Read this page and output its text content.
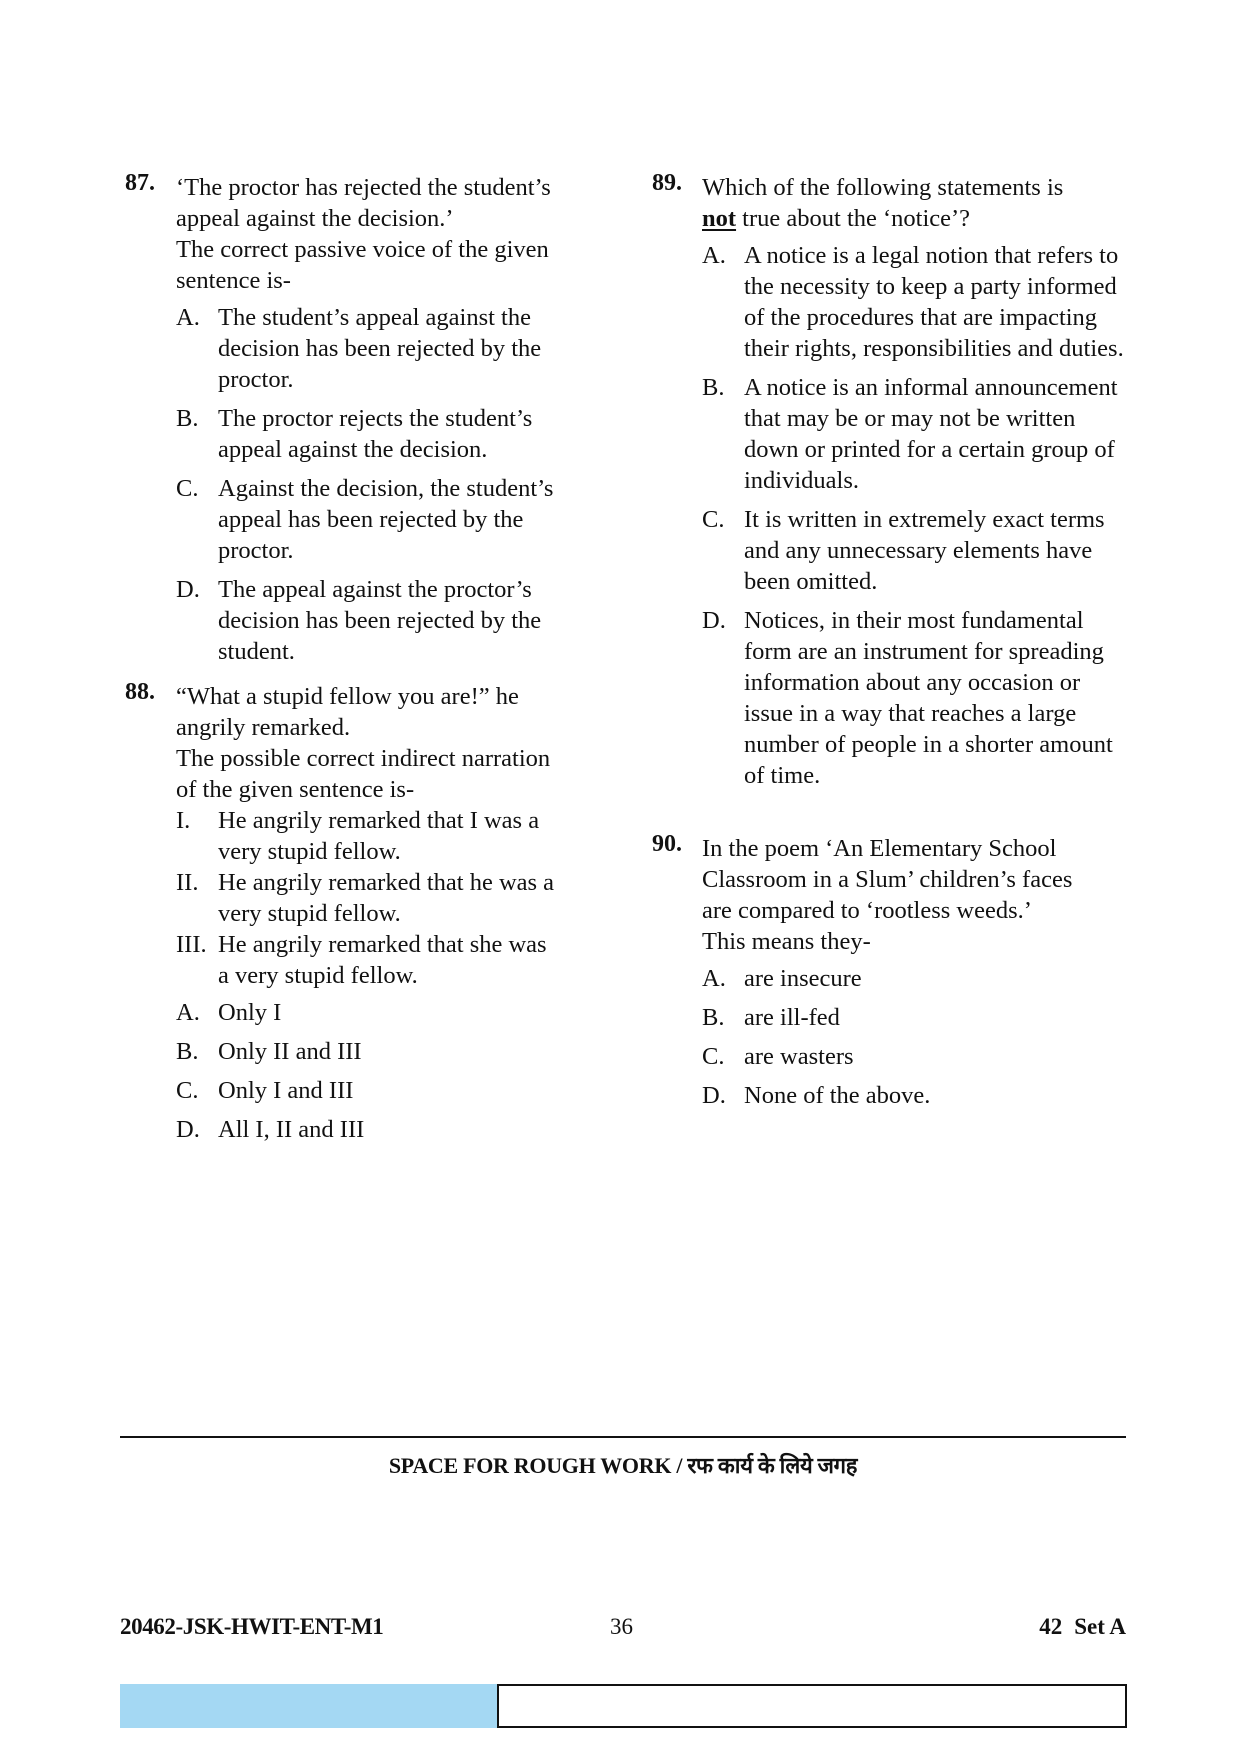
87. ‘The proctor has rejected the student’s
appeal against the decision.’
The correct passive voice of the given
sentence is-
A. The student’s appeal against the decision has been rejected by the proctor.
B. The proctor rejects the student’s appeal against the decision.
C. Against the decision, the student’s appeal has been rejected by the proctor.
D. The appeal against the proctor’s decision has been rejected by the student.
88. “What a stupid fellow you are!” he
angrily remarked.
The possible correct indirect narration
of the given sentence is-
I. He angrily remarked that I was a very stupid fellow.
II. He angrily remarked that he was a very stupid fellow.
III. He angrily remarked that she was a very stupid fellow.
A. Only I
B. Only II and III
C. Only I and III
D. All I, II and III
89. Which of the following statements is
not true about the ‘notice’?
A. A notice is a legal notion that refers to the necessity to keep a party informed of the procedures that are impacting their rights, responsibilities and duties.
B. A notice is an informal announcement that may be or may not be written down or printed for a certain group of individuals.
C. It is written in extremely exact terms and any unnecessary elements have been omitted.
D. Notices, in their most fundamental form are an instrument for spreading information about any occasion or issue in a way that reaches a large number of people in a shorter amount of time.
90. In the poem ‘An Elementary School
Classroom in a Slum’ children’s faces
are compared to ‘rootless weeds.’
This means they-
A. are insecure
B. are ill-fed
C. are wasters
D. None of the above.
SPACE FOR ROUGH WORK / रफ कार्य के लिये जगह
20462-JSK-HWIT-ENT-M1	36	42 Set A
